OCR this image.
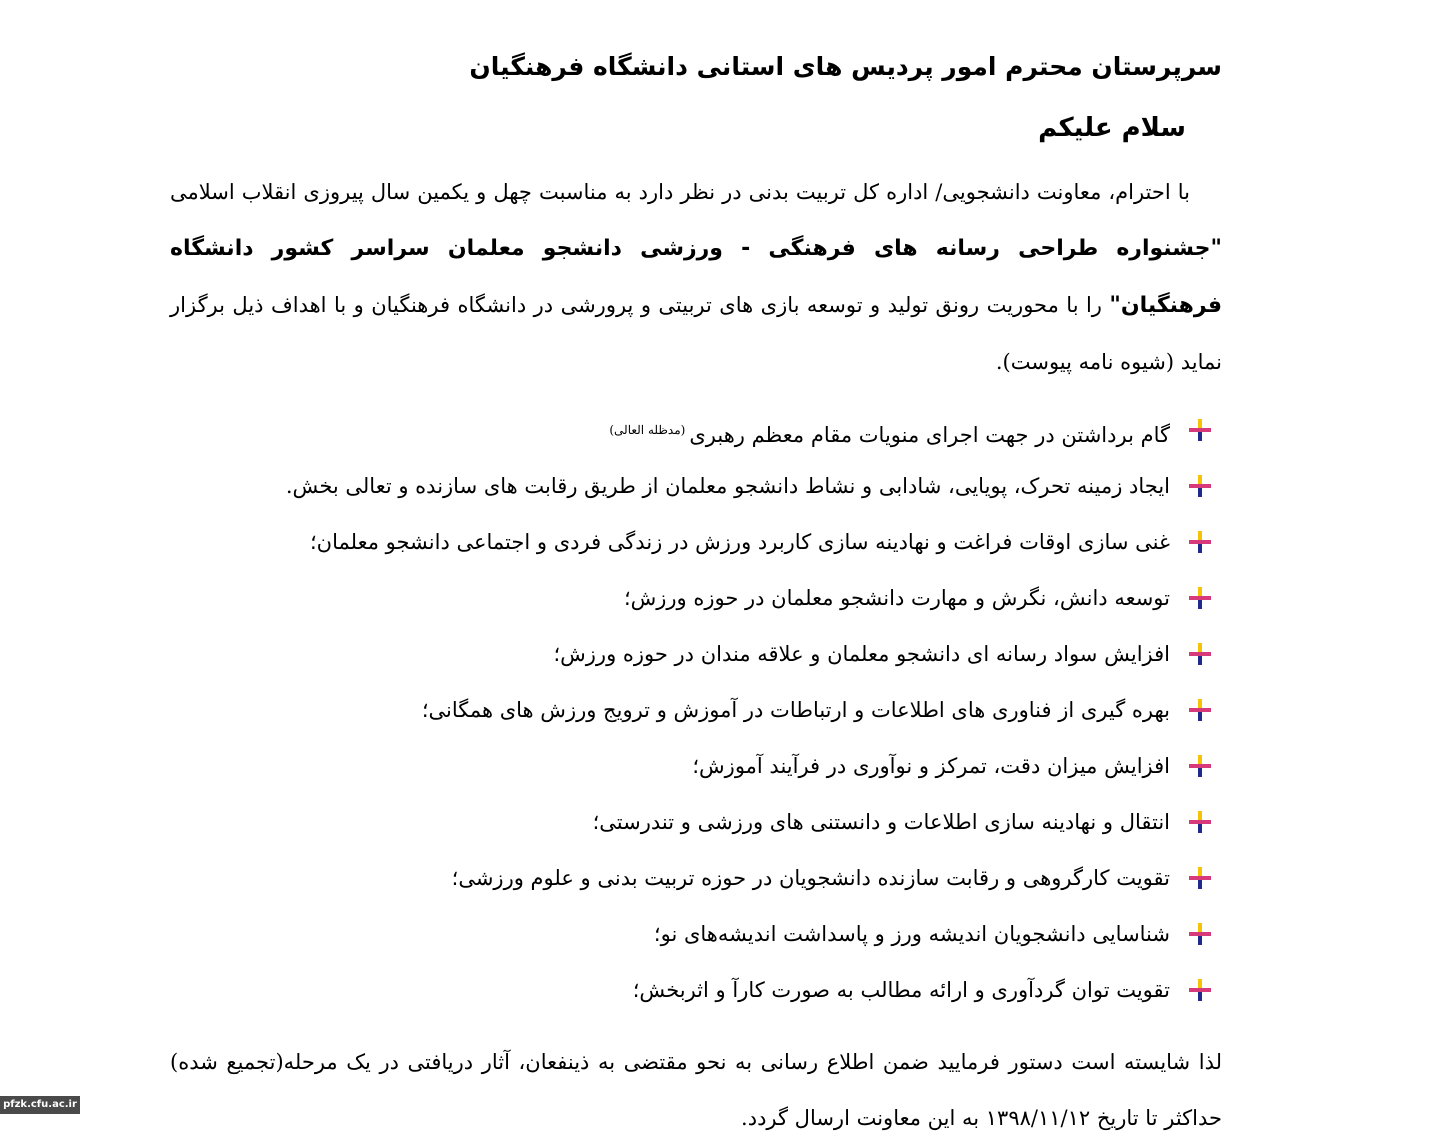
سرپرستان محترم امور پردیس های استانی دانشگاه فرهنگیان
سلام علیکم

با احترام، معاونت دانشجویی/ اداره کل تربیت بدنی در نظر دارد به مناسبت چهل و یکمین سال پیروزی انقلاب اسلامی "جشنواره طراحی رسانه های فرهنگی - ورزشی دانشجو معلمان سراسر کشور دانشگاه فرهنگیان" را با محوریت رونق تولید و توسعه بازی های تربیتی و پرورشی در دانشگاه فرهنگیان و با اهداف ذیل برگزار نماید (شیوه نامه پیوست).

گام برداشتن در جهت اجرای منویات مقام معظم رهبری$^{(مدظله العالی)}$
ایجاد زمینه تحرک، پویایی، شادابی و نشاط دانشجو معلمان از طریق رقابت های سازنده و تعالی بخش.
غنی سازی اوقات فراغت و نهادینه سازی کاربرد ورزش در زندگی فردی و اجتماعی دانشجو معلمان؛
توسعه دانش، نگرش و مهارت دانشجو معلمان در حوزه ورزش؛
افزایش سواد رسانه ای دانشجو معلمان و علاقه مندان در حوزه ورزش؛
بهره گیری از فناوری های اطلاعات و ارتباطات در آموزش و ترویج ورزش های همگانی؛
افزایش میزان دقت، تمرکز و نوآوری در فرآیند آموزش؛
انتقال و نهادینه سازی اطلاعات و دانستنی های ورزشی و تندرستی؛
تقویت کارگروهی و رقابت سازنده دانشجویان در حوزه تربیت بدنی و علوم ورزشی؛
شناسایی دانشجویان اندیشه ورز و پاسداشت اندیشه‌های نو؛
تقویت توان گردآوری و ارائه مطالب به صورت کارآ و اثربخش؛

لذا شایسته است دستور فرمایید ضمن اطلاع رسانی به نحو مقتضی به ذینفعان، آثار دریافتی در یک مرحله(تجمیع شده) حداکثر تا تاریخ ۱۳۹۸/۱۱/۱۲ به این معاونت ارسال گردد.

pfzk.cfu.ac.ir
